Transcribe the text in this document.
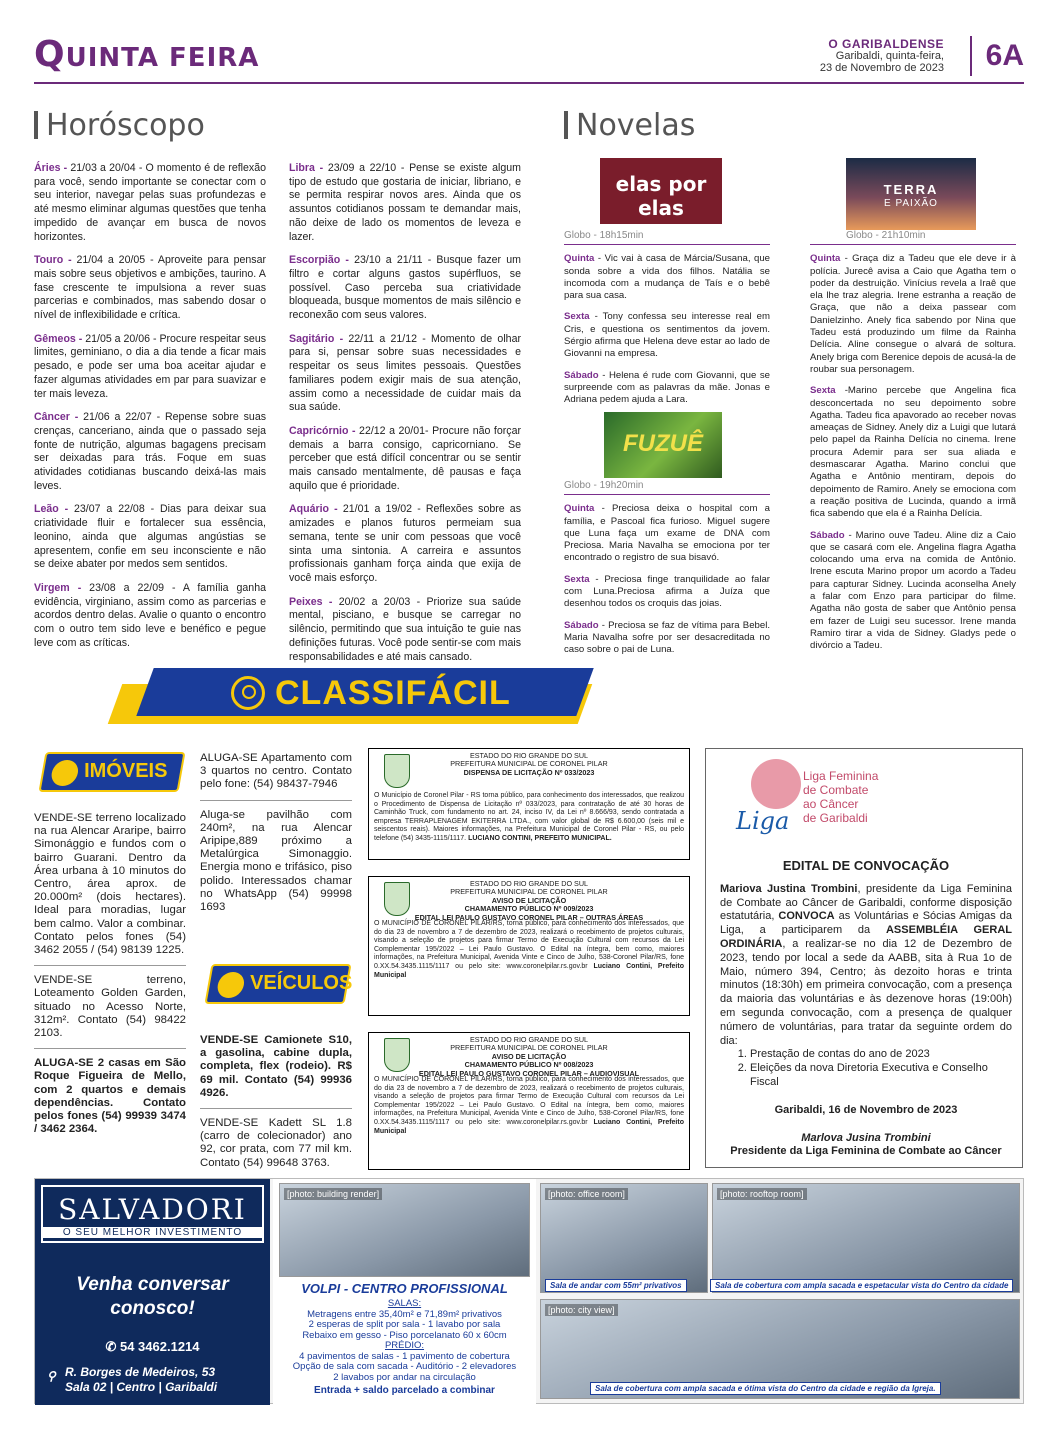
QUINTA FEIRA	O GARIBALDENSE
Garibaldi, quinta-feira,
23 de Novembro de 2023	6A
Horóscopo
Áries - 21/03 a 20/04 - O momento é de reflexão para você, sendo importante se conectar com o seu interior, navegar pelas suas profundezas e até mesmo eliminar algumas questões que tenha impedido de avançar em busca de novos horizontes.
Touro - 21/04 a 20/05 - Aproveite para pensar mais sobre seus objetivos e ambições, taurino. A fase crescente te impulsiona a rever suas parcerias e combinados, mas sabendo dosar o nível de inflexibilidade e crítica.
Gêmeos - 21/05 a 20/06 - Procure respeitar seus limites, geminiano, o dia a dia tende a ficar mais pesado, e pode ser uma boa aceitar ajudar e fazer algumas atividades em par para suavizar e ter mais leveza.
Câncer - 21/06 a 22/07 - Repense sobre suas crenças, canceriano, ainda que o passado seja fonte de nutrição, algumas bagagens precisam ser deixadas para trás. Foque em suas atividades cotidianas buscando deixá-las mais leves.
Leão - 23/07 a 22/08 - Dias para deixar sua criatividade fluir e fortalecer sua essência, leonino, ainda que algumas angústias se apresentem, confie em seu inconsciente e não se deixe abater por medos sem sentidos.
Virgem - 23/08 a 22/09 - A família ganha evidência, virginiano, assim como as parcerias e acordos dentro delas. Avalie o quanto o encontro com o outro tem sido leve e benéfico e pegue leve com as críticas.
Libra - 23/09 a 22/10 - Pense se existe algum tipo de estudo que gostaria de iniciar, libriano, e se permita respirar novos ares. Ainda que os assuntos cotidianos possam te demandar mais, não deixe de lado os momentos de leveza e lazer.
Escorpião - 23/10 a 21/11 - Busque fazer um filtro e cortar alguns gastos supérfluos, se possível. Caso perceba sua criatividade bloqueada, busque momentos de mais silêncio e reconexão com seus valores.
Sagitário - 22/11 a 21/12 - Momento de olhar para si, pensar sobre suas necessidades e respeitar os seus limites pessoais. Questões familiares podem exigir mais de sua atenção, assim como a necessidade de cuidar mais da sua saúde.
Capricórnio - 22/12 a 20/01- Procure não forçar demais a barra consigo, capricorniano. Se perceber que está difícil concentrar ou se sentir mais cansado mentalmente, dê pausas e faça aquilo que é prioridade.
Aquário - 21/01 a 19/02 - Reflexões sobre as amizades e planos futuros permeiam sua semana, tente se unir com pessoas que você sinta uma sintonia. A carreira e assuntos profissionais ganham força ainda que exija de você mais esforço.
Peixes - 20/02 a 20/03 - Priorize sua saúde mental, pisciano, e busque se carregar no silêncio, permitindo que sua intuição te guie nas definições futuras. Você pode sentir-se com mais responsabilidades e até mais cansado.
Novelas
elas por elas
Globo - 18h15min
Quinta - Vic vai à casa de Márcia/Susana, que sonda sobre a vida dos filhos. Natália se incomoda com a mudança de Taís e o bebê para sua casa.
Sexta - Tony confessa seu interesse real em Cris, e questiona os sentimentos da jovem. Sérgio afirma que Helena deve estar ao lado de Giovanni na empresa.
Sábado - Helena é rude com Giovanni, que se surpreende com as palavras da mãe. Jonas e Adriana pedem ajuda a Lara.
FUZUÊ
Globo - 19h20min
Quinta - Preciosa deixa o hospital com a família, e Pascoal fica furioso. Miguel sugere que Luna faça um exame de DNA com Preciosa. Maria Navalha se emociona por ter encontrado o registro de sua bisavó.
Sexta - Preciosa finge tranquilidade ao falar com Luna.Preciosa afirma a Juíza que desenhou todos os croquis das joias.
Sábado - Preciosa se faz de vítima para Bebel. Maria Navalha sofre por ser desacreditada no caso sobre o pai de Luna.
TERRA
E PAIXÃO
Globo - 21h10min
Quinta - Graça diz a Tadeu que ele deve ir à polícia. Jurecê avisa a Caio que Agatha tem o poder da destruição. Vinícius revela a Iraê que ela lhe traz alegria. Irene estranha a reação de Graça, que não a deixa passear com Danielzinho. Anely fica sabendo por Nina que Tadeu está produzindo um filme da Rainha Delícia. Aline consegue o alvará de soltura. Anely briga com Berenice depois de acusá-la de roubar sua personagem.
Sexta -Marino percebe que Angelina fica desconcertada no seu depoimento sobre Agatha. Tadeu fica apavorado ao receber novas ameaças de Sidney. Anely diz a Luigi que lutará pelo papel da Rainha Delícia no cinema. Irene procura Ademir para ser sua aliada e desmascarar Agatha. Marino conclui que Agatha e Antônio mentiram, depois do depoimento de Ramiro. Anely se emociona com a reação positiva de Lucinda, quando a irmã fica sabendo que ela é a Rainha Delícia.
Sábado - Marino ouve Tadeu. Aline diz a Caio que se casará com ele. Angelina flagra Agatha colocando uma erva na comida de Antônio. Irene escuta Marino propor um acordo a Tadeu para capturar Sidney. Lucinda aconselha Anely a falar com Enzo para participar do filme. Agatha não gosta de saber que Antônio pensa em fazer de Luigi seu sucessor. Irene manda Ramiro tirar a vida de Sidney. Gladys pede o divórcio a Tadeu.
CLASSIFÁCIL
IMÓVEIS
VENDE-SE terreno localizado na rua Alencar Araripe, bairro Simonággio e fundos com o bairro Guarani. Dentro da Área urbana à 10 minutos do Centro, área aprox. de 20.000m² (dois hectares). Ideal para moradias, lugar bem calmo. Valor a combinar. Contato pelos fones (54) 3462 2055 / (54) 98139 1225.
VENDE-SE terreno, Loteamento Golden Garden, situado no Acesso Norte, 312m². Contato (54) 98422 2103.
ALUGA-SE 2 casas em São Roque Figueira de Mello, com 2 quartos e demais dependências. Contato pelos fones (54) 99939 3474 / 3462 2364.
ALUGA-SE Apartamento com 3 quartos no centro. Contato pelo fone: (54) 98437-7946
Aluga-se pavilhão com 240m², na rua Alencar Aripipe,889 próximo a Metalúrgica Simonaggio. Energia mono e trifásico, piso polido. Interessados chamar no WhatsApp (54) 99998 1693
VEÍCULOS
VENDE-SE Camionete S10, a gasolina, cabine dupla, completa, flex (rodeio). R$ 69 mil. Contato (54) 99936 4926.
VENDE-SE Kadett SL 1.8 (carro de colecionador) ano 92, cor prata, com 77 mil km. Contato (54) 99648 3763.
ESTADO DO RIO GRANDE DO SUL
PREFEITURA MUNICIPAL DE CORONEL PILAR
DISPENSA DE LICITAÇÃO Nº 033/2023
O Município de Coronel Pilar - RS torna público, para conhecimento dos interessados, que realizou o Procedimento de Dispensa de Licitação nº 033/2023, para contratação de até 30 horas de Caminhão Truck, com fundamento no art. 24, inciso IV, da Lei nº 8.666/93, sendo contratada a empresa TERRAPLENAGEM EKITERRA LTDA., com valor global de R$ 6.600,00 (seis mil e seiscentos reais). Maiores informações, na Prefeitura Municipal de Coronel Pilar - RS, ou pelo telefone (54) 3435-1115/1117. LUCIANO CONTINI, PREFEITO MUNICIPAL.
ESTADO DO RIO GRANDE DO SUL
PREFEITURA MUNICIPAL DE CORONEL PILAR
AVISO DE LICITAÇÃO
CHAMAMENTO PÚBLICO Nº 009/2023
EDITAL LEI PAULO GUSTAVO CORONEL PILAR – OUTRAS ÁREAS
O MUNICÍPIO DE CORONEL PILAR/RS, torna público, para conhecimento dos interessados, que do dia 23 de novembro a 7 de dezembro de 2023, realizará o recebimento de projetos culturais, visando a seleção de projetos para firmar Termo de Execução Cultural com recursos da Lei Complementar 195/2022 – Lei Paulo Gustavo. O Edital na íntegra, bem como, maiores informações, na Prefeitura Municipal, Avenida Vinte e Cinco de Julho, 538-Coronel Pilar/RS, fone 0.XX.54.3435.1115/1117 ou pelo site: www.coronelpilar.rs.gov.br Luciano Contini, Prefeito Municipal
ESTADO DO RIO GRANDE DO SUL
PREFEITURA MUNICIPAL DE CORONEL PILAR
AVISO DE LICITAÇÃO
CHAMAMENTO PÚBLICO Nº 008/2023
EDITAL LEI PAULO GUSTAVO CORONEL PILAR – AUDIOVISUAL
O MUNICÍPIO DE CORONEL PILAR/RS, torna público, para conhecimento dos interessados, que do dia 23 de novembro a 7 de dezembro de 2023, realizará o recebimento de projetos culturais, visando a seleção de projetos para firmar Termo de Execução Cultural com recursos da Lei Complementar 195/2022 – Lei Paulo Gustavo. O Edital na íntegra, bem como, maiores informações, na Prefeitura Municipal, Avenida Vinte e Cinco de Julho, 538-Coronel Pilar/RS, fone 0.XX.54.3435.1115/1117 ou pelo site: www.coronelpilar.rs.gov.br Luciano Contini, Prefeito Municipal
Liga
Liga Feminina
de Combate
ao Câncer
de Garibaldi
EDITAL DE CONVOCAÇÃO

Mariova Justina Trombini, presidente da Liga Feminina de Combate ao Câncer de Garibaldi, conforme disposição estatutária, CONVOCA as Voluntárias e Sócias Amigas da Liga, a participarem da ASSEMBLÉIA GERAL ORDINÁRIA, a realizar-se no dia 12 de Dezembro de 2023, tendo por local a sede da AABB, sita à Rua 1o de Maio, número 394, Centro; às dezoito horas e trinta minutos (18:30h) em primeira convocação, com a presença da maioria das voluntárias e às dezenove horas (19:00h) em segunda convocação, com a presença de qualquer número de voluntárias, para tratar da seguinte ordem do dia:

1. Prestação de contas do ano de 2023
2. Eleições da nova Diretoria Executiva e Conselho Fiscal

Garibaldi, 16 de Novembro de 2023

Marlova Jusina Trombini

Presidente da Liga Feminina de Combate ao Câncer

SALVADORI
O SEU MELHOR INVESTIMENTO
Venha conversar
conosco!
✆ 54 3462.1214
⚲ R. Borges de Medeiros, 53
Sala 02 | Centro | Garibaldi
[photo: building render]
VOLPI - CENTRO PROFISSIONAL
SALAS:
Metragens entre 35,40m² e 71,89m² privativos
2 esperas de split por sala - 1 lavabo por sala
Rebaixo em gesso - Piso porcelanato 60 x 60cm
PRÉDIO:
4 pavimentos de salas - 1 pavimento de cobertura
Opção de sala com sacada - Auditório - 2 elevadores
2 lavabos por andar na circulação
Entrada + saldo parcelado a combinar
[photo: office room]	[photo: rooftop room]
Sala de andar com 55m² privativos	Sala de cobertura com ampla sacada e espetacular vista do Centro da cidade
[photo: city view]
Sala de cobertura com ampla sacada e ótima vista do Centro da cidade e região da Igreja.
